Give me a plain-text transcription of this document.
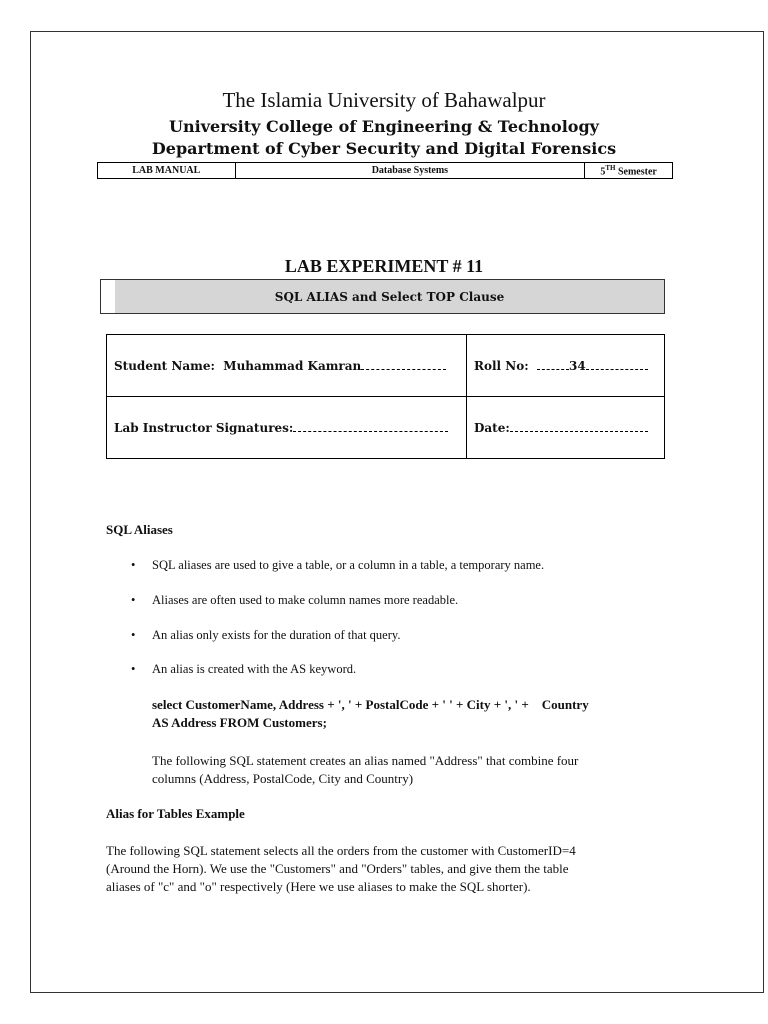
The Islamia University of Bahawalpur
University College of Engineering & Technology
Department of Cyber Security and Digital Forensics
LAB MANUAL	Database Systems	5TH Semester
LAB EXPERIMENT # 11
SQL ALIAS and Select TOP Clause
Student Name: Muhammad Kamran	Roll No: 34
Lab Instructor Signatures:	Date:
SQL Aliases
• SQL aliases are used to give a table, or a column in a table, a temporary name.
• Aliases are often used to make column names more readable.
• An alias only exists for the duration of that query.
• An alias is created with the AS keyword.
select CustomerName, Address + ', ' + PostalCode + ' ' + City + ', ' +    Country
AS Address FROM Customers;
The following SQL statement creates an alias named "Address" that combine four
columns (Address, PostalCode, City and Country)
Alias for Tables Example
The following SQL statement selects all the orders from the customer with CustomerID=4
(Around the Horn). We use the "Customers" and "Orders" tables, and give them the table
aliases of "c" and "o" respectively (Here we use aliases to make the SQL shorter).
